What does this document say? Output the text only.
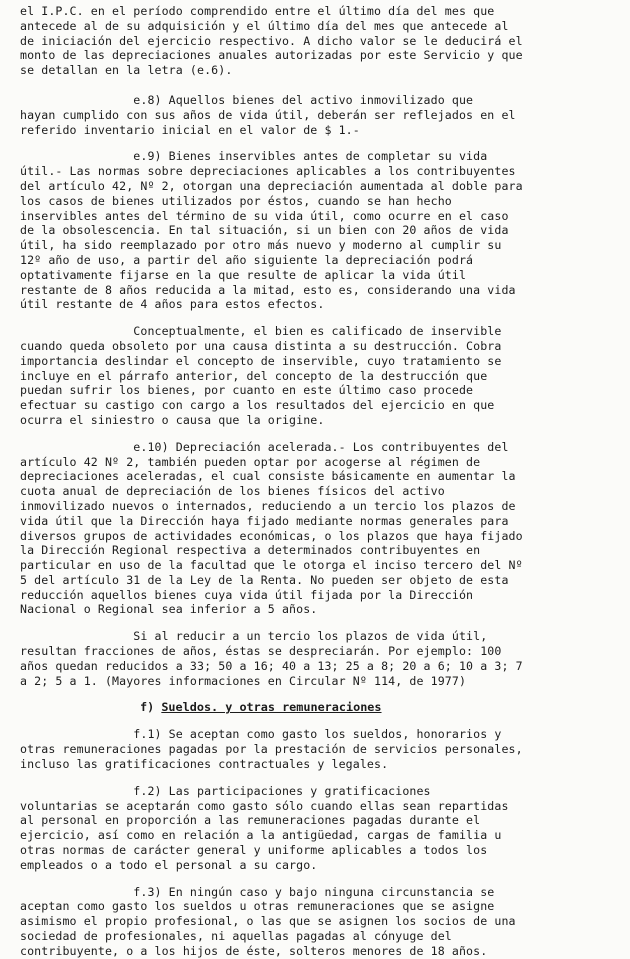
el I.P.C. en el período comprendido entre el último día del mes que
antecede al de su adquisición y el último día del mes que antecede al
de iniciación del ejercicio respectivo. A dicho valor se le deducirá el
monto de las depreciaciones anuales autorizadas por este Servicio y que
se detallan en la letra (e.6).
e.8) Aquellos bienes del activo inmovilizado que
hayan cumplido con sus años de vida útil, deberán ser reflejados en el
referido inventario inicial en el valor de $ 1.-
e.9) Bienes inservibles antes de completar su vida
útil.- Las normas sobre depreciaciones aplicables a los contribuyentes
del artículo 42, Nº 2, otorgan una depreciación aumentada al doble para
los casos de bienes utilizados por éstos, cuando se han hecho
inservibles antes del término de su vida útil, como ocurre en el caso
de la obsolescencia. En tal situación, si un bien con 20 años de vida
útil, ha sido reemplazado por otro más nuevo y moderno al cumplir su
12º año de uso, a partir del año siguiente la depreciación podrá
optativamente fijarse en la que resulte de aplicar la vida útil
restante de 8 años reducida a la mitad, esto es, considerando una vida
útil restante de 4 años para estos efectos.
Conceptualmente, el bien es calificado de inservible
cuando queda obsoleto por una causa distinta a su destrucción. Cobra
importancia deslindar el concepto de inservible, cuyo tratamiento se
incluye en el párrafo anterior, del concepto de la destrucción que
puedan sufrir los bienes, por cuanto en este último caso procede
efectuar su castigo con cargo a los resultados del ejercicio en que
ocurra el siniestro o causa que la origine.
e.10) Depreciación acelerada.- Los contribuyentes del
artículo 42 Nº 2, también pueden optar por acogerse al régimen de
depreciaciones aceleradas, el cual consiste básicamente en aumentar la
cuota anual de depreciación de los bienes físicos del activo
inmovilizado nuevos o internados, reduciendo a un tercio los plazos de
vida útil que la Dirección haya fijado mediante normas generales para
diversos grupos de actividades económicas, o los plazos que haya fijado
la Dirección Regional respectiva a determinados contribuyentes en
particular en uso de la facultad que le otorga el inciso tercero del Nº
5 del artículo 31 de la Ley de la Renta. No pueden ser objeto de esta
reducción aquellos bienes cuya vida útil fijada por la Dirección
Nacional o Regional sea inferior a 5 años.
Si al reducir a un tercio los plazos de vida útil,
resultan fracciones de años, éstas se despreciarán. Por ejemplo: 100
años quedan reducidos a 33; 50 a 16; 40 a 13; 25 a 8; 20 a 6; 10 a 3; 7
a 2; 5 a 1. (Mayores informaciones en Circular Nº 114, de 1977)
f) Sueldos. y otras remuneraciones
f.1) Se aceptan como gasto los sueldos, honorarios y
otras remuneraciones pagadas por la prestación de servicios personales,
incluso las gratificaciones contractuales y legales.
f.2) Las participaciones y gratificaciones
voluntarias se aceptarán como gasto sólo cuando ellas sean repartidas
al personal en proporción a las remuneraciones pagadas durante el
ejercicio, así como en relación a la antigüedad, cargas de familia u
otras normas de carácter general y uniforme aplicables a todos los
empleados o a todo el personal a su cargo.
f.3) En ningún caso y bajo ninguna circunstancia se
aceptan como gasto los sueldos u otras remuneraciones que se asigne
asimismo el propio profesional, o las que se asignen los socios de una
sociedad de profesionales, ni aquellas pagadas al cónyuge del
contribuyente, o a los hijos de éste, solteros menores de 18 años.
